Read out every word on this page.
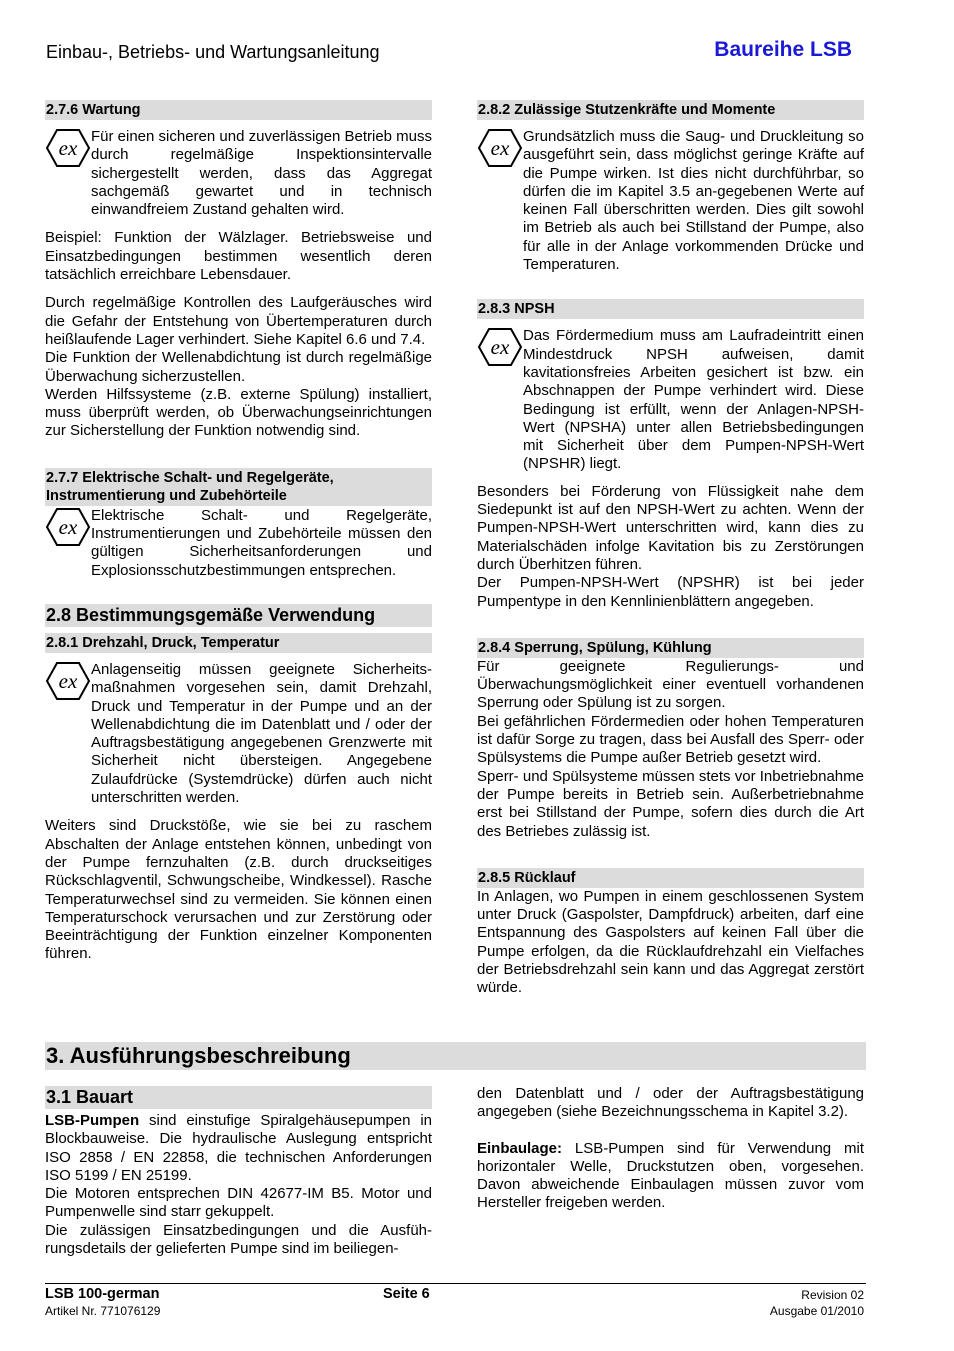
Einbau-, Betriebs- und Wartungsanleitung	Baureihe LSB
2.7.6 Wartung

Für einen sicheren und zuverlässigen Betrieb muss durch regelmäßige Inspektionsintervalle sichergestellt werden, dass das Aggregat sachgemäß gewartet und in technisch einwandfreiem Zustand gehalten wird.

Beispiel: Funktion der Wälzlager. Betriebsweise und Einsatzbedingungen bestimmen wesentlich deren tatsächlich erreichbare Lebensdauer.

Durch regelmäßige Kontrollen des Laufgeräusches wird die Gefahr der Entstehung von Übertemperaturen durch heißlaufende Lager verhindert. Siehe Kapitel 6.6 und 7.4.

Die Funktion der Wellenabdichtung ist durch regelmäßige Überwachung sicherzustellen.

Werden Hilfssysteme (z.B. externe Spülung) installiert, muss überprüft werden, ob Überwachungseinrichtungen zur Sicherstellung der Funktion notwendig sind.

2.7.7 Elektrische Schalt- und Regelgeräte, Instrumentierung und Zubehörteile

Elektrische Schalt- und Regelgeräte, Instrumentierungen und Zubehörteile müssen den gültigen Sicherheitsanforderungen und Explosionsschutzbestimmungen entsprechen.

2.8 Bestimmungsgemäße Verwendung
2.8.1 Drehzahl, Druck, Temperatur

Anlagenseitig müssen geeignete Sicherheits-maßnahmen vorgesehen sein, damit Drehzahl, Druck und Temperatur in der Pumpe und an der Wellenabdichtung die im Datenblatt und / oder der Auftragsbestätigung angegebenen Grenzwerte mit Sicherheit nicht übersteigen. Angegebene Zulaufdrücke (Systemdrücke) dürfen auch nicht unterschritten werden.

Weiters sind Druckstöße, wie sie bei zu raschem Abschalten der Anlage entstehen können, unbedingt von der Pumpe fernzuhalten (z.B. durch druckseitiges Rückschlagventil, Schwungscheibe, Windkessel). Rasche Temperaturwechsel sind zu vermeiden. Sie können einen Temperaturschock verursachen und zur Zerstörung oder Beeinträchtigung der Funktion einzelner Komponenten führen.

2.8.2 Zulässige Stutzenkräfte und Momente

Grundsätzlich muss die Saug- und Druckleitung so ausgeführt sein, dass möglichst geringe Kräfte auf die Pumpe wirken. Ist dies nicht durchführbar, so dürfen die im Kapitel 3.5 an-gegebenen Werte auf keinen Fall überschritten werden. Dies gilt sowohl im Betrieb als auch bei Stillstand der Pumpe, also für alle in der Anlage vorkommenden Drücke und Temperaturen.

2.8.3 NPSH

Das Fördermedium muss am Laufradeintritt einen Mindestdruck NPSH aufweisen, damit kavitationsfreies Arbeiten gesichert ist bzw. ein Abschnappen der Pumpe verhindert wird. Diese Bedingung ist erfüllt, wenn der Anlagen-NPSH-Wert (NPSHA) unter allen Betriebsbedingungen mit Sicherheit über dem Pumpen-NPSH-Wert (NPSHR) liegt.

Besonders bei Förderung von Flüssigkeit nahe dem Siedepunkt ist auf den NPSH-Wert zu achten. Wenn der Pumpen-NPSH-Wert unterschritten wird, kann dies zu Materialschäden infolge Kavitation bis zu Zerstörungen durch Überhitzen führen.

Der Pumpen-NPSH-Wert (NPSHR) ist bei jeder Pumpentype in den Kennlinienblättern angegeben.

2.8.4 Sperrung, Spülung, Kühlung

Für geeignete Regulierungs- und Überwachungsmöglichkeit einer eventuell vorhandenen Sperrung oder Spülung ist zu sorgen.

Bei gefährlichen Fördermedien oder hohen Temperaturen ist dafür Sorge zu tragen, dass bei Ausfall des Sperr- oder Spülsystems die Pumpe außer Betrieb gesetzt wird.

Sperr- und Spülsysteme müssen stets vor Inbetriebnahme der Pumpe bereits in Betrieb sein. Außerbetriebnahme erst bei Stillstand der Pumpe, sofern dies durch die Art des Betriebes zulässig ist.

2.8.5 Rücklauf

In Anlagen, wo Pumpen in einem geschlossenen System unter Druck (Gaspolster, Dampfdruck) arbeiten, darf eine Entspannung des Gaspolsters auf keinen Fall über die Pumpe erfolgen, da die Rücklaufdrehzahl ein Vielfaches der Betriebsdrehzahl sein kann und das Aggregat zerstört würde.

3. Ausführungsbeschreibung
3.1 Bauart

LSB-Pumpen sind einstufige Spiralgehäusepumpen in Blockbauweise. Die hydraulische Auslegung entspricht ISO 2858 / EN 22858, die technischen Anforderungen ISO 5199 / EN 25199.

Die Motoren entsprechen DIN 42677-IM B5. Motor und Pumpenwelle sind starr gekuppelt.

Die zulässigen Einsatzbedingungen und die Ausfüh-rungsdetails der gelieferten Pumpe sind im beiliegen-

den Datenblatt und / oder der Auftragsbestätigung angegeben (siehe Bezeichnungsschema in Kapitel 3.2).

Einbaulage: LSB-Pumpen sind für Verwendung mit horizontaler Welle, Druckstutzen oben, vorgesehen. Davon abweichende Einbaulagen müssen zuvor vom Hersteller freigeben werden.

LSB 100-german
Artikel Nr. 771076129
Seite 6	Revision 02
Ausgabe 01/2010
